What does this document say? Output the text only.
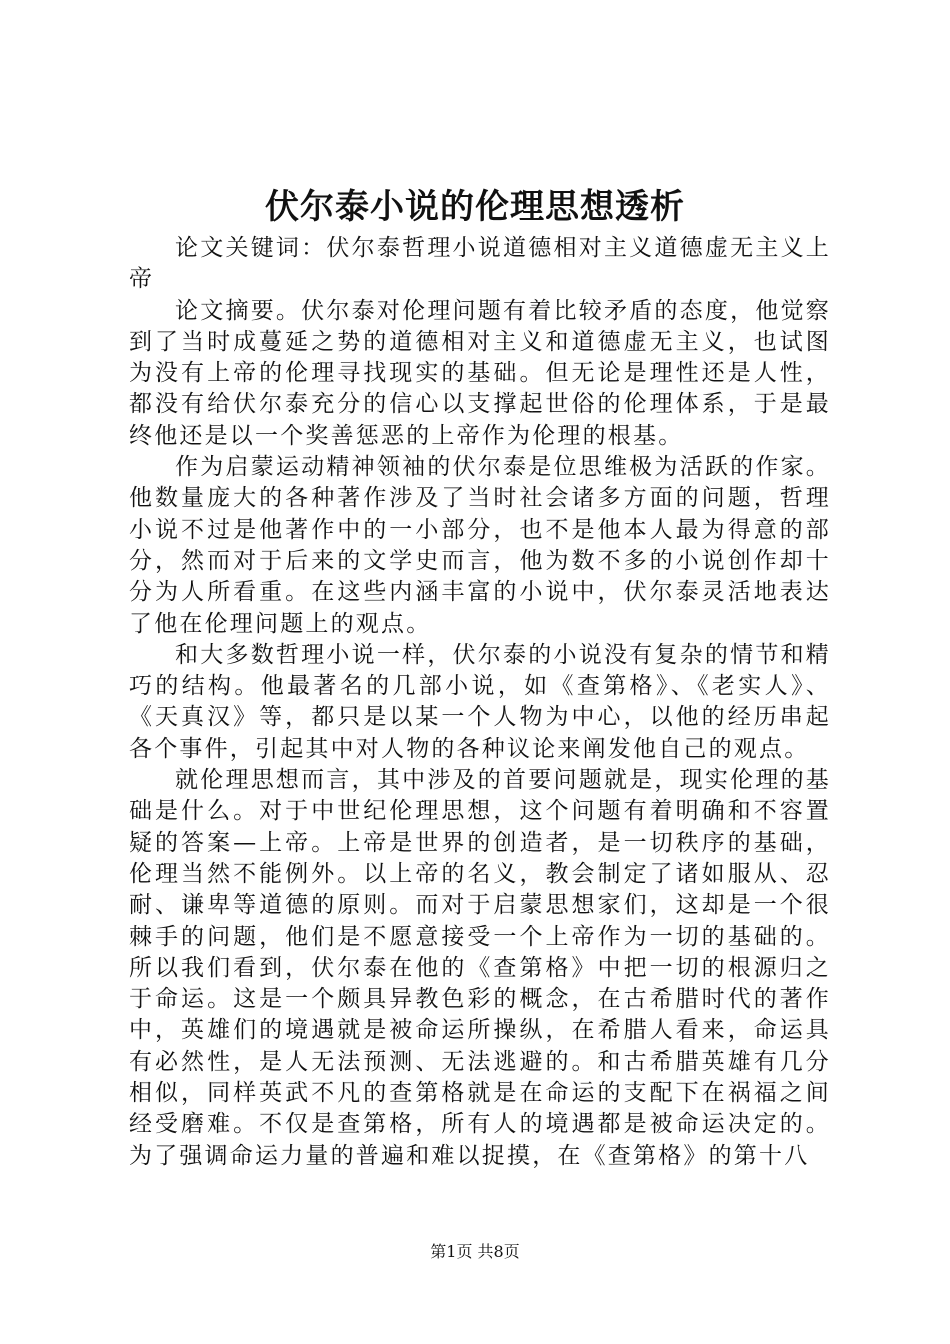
伏尔泰小说的伦理思想透析

论文关键词：伏尔泰哲理小说道德相对主义道德虚无主义上帝

论文摘要。伏尔泰对伦理问题有着比较矛盾的态度，他觉察到了当时成蔓延之势的道德相对主义和道德虚无主义，也试图为没有上帝的伦理寻找现实的基础。但无论是理性还是人性，都没有给伏尔泰充分的信心以支撑起世俗的伦理体系，于是最终他还是以一个奖善惩恶的上帝作为伦理的根基。

作为启蒙运动精神领袖的伏尔泰是位思维极为活跃的作家。他数量庞大的各种著作涉及了当时社会诸多方面的问题，哲理小说不过是他著作中的一小部分，也不是他本人最为得意的部分，然而对于后来的文学史而言，他为数不多的小说创作却十分为人所看重。在这些内涵丰富的小说中，伏尔泰灵活地表达了他在伦理问题上的观点。

和大多数哲理小说一样，伏尔泰的小说没有复杂的情节和精巧的结构。他最著名的几部小说，如《查第格》、《老实人》、《天真汉》等，都只是以某一个人物为中心，以他的经历串起各个事件，引起其中对人物的各种议论来阐发他自己的观点。

就伦理思想而言，其中涉及的首要问题就是，现实伦理的基础是什么。对于中世纪伦理思想，这个问题有着明确和不容置疑的答案—上帝。上帝是世界的创造者，是一切秩序的基础，伦理当然不能例外。以上帝的名义，教会制定了诸如服从、忍耐、谦卑等道德的原则。而对于启蒙思想家们，这却是一个很棘手的问题，他们是不愿意接受一个上帝作为一切的基础的。所以我们看到，伏尔泰在他的《查第格》中把一切的根源归之于命运。这是一个颇具异教色彩的概念，在古希腊时代的著作中，英雄们的境遇就是被命运所操纵，在希腊人看来，命运具有必然性，是人无法预测、无法逃避的。和古希腊英雄有几分相似，同样英武不凡的查第格就是在命运的支配下在祸福之间经受磨难。不仅是查第格，所有人的境遇都是被命运决定的。为了强调命运力量的普遍和难以捉摸，在《查第格》的第十八

第1页 共8页
